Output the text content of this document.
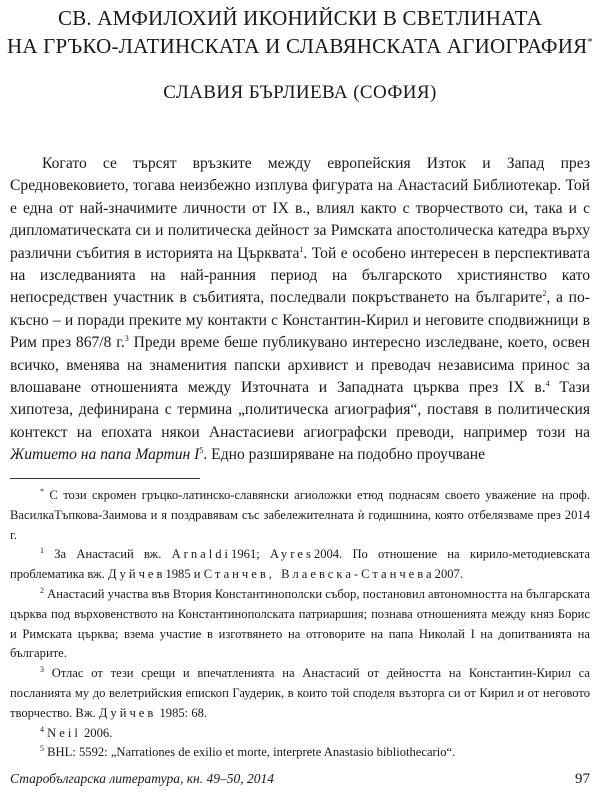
СВ. АМФИЛОХИЙ ИКОНИЙСКИ В СВЕТЛИНАТА
НА ГРЪКО-ЛАТИНСКАТА И СЛАВЯНСКАТА АГИОГРАФИЯ*
СЛАВИЯ БЪРЛИЕВА (СОФИЯ)
Когато се търсят връзките между европейския Изток и Запад през Средновековието, тогава неизбежно изплува фигурата на Анастасий Библиотекар. Той е една от най-значимите личности от IX в., влиял както с творчеството си, така и с дипломатическата си и политическа дейност за Римската апостолическа катедра върху различни събития в историята на Църквата$^1$. Той е особено интересен в перспективата на изследванията на най-ранния период на българското християнство като непосредствен участник в събитията, последвали покръстването на българите$^2$, а по-късно – и поради преките му контакти с Константин-Кирил и неговите сподвижници в Рим през 867/8 г.$^3$ Преди време беше публикувано интересно изследване, което, освен всичко, вменява на знаменития папски архивист и преводач независима принос за влошаване отношенията между Източната и Западната църква през IX в.$^4$ Тази хипотеза, дефинирана с термина „политическа агиография“, поставя в политическия контекст на епохата някои Анастасиеви агиографски преводи, например този на Житието на папа Мартин $I^5$. Едно разширяване на подобно проучване
* С този скромен гръцко-латинско-славянски агиоложки етюд поднасям своето уважение на проф. ВасилкаТъпкова-Заимова и я поздравявам със забележителната ѝ годишнина, която отбелязваме през 2014 г.
$^1$ За Анастасий вж. Arnaldi1961; Ayres2004. По отношение на кирило-методиевската проблематика вж. Дуйчев1985 и Станчев, Влаевска-Станчева2007.
$^2$ Анастасий участва във Втория Константинополски събор, постановил автономността на българската църква под върховенството на Константинополската патриаршия; познава отношенията между княз Борис и Римската църква; взема участие в изготвянето на отговорите на папа Николай I на допитванията на българите.
$^3$ Отлас от тези срещи и впечатленията на Анастасий от дейността на Константин-Кирил са посланията му до велетрийския епископ Гаудерик, в които той споделя възторга си от Кирил и от неговото творчество. Вж. Дуйчев 1985: 68.
$^4$ Neil 2006.
$^5$ BHL: 5592: „Narrationes de exilio et morte, interprete Anastasio bibliothecario“.
Старобългарска литература, кн. 49–50, 2014	97
